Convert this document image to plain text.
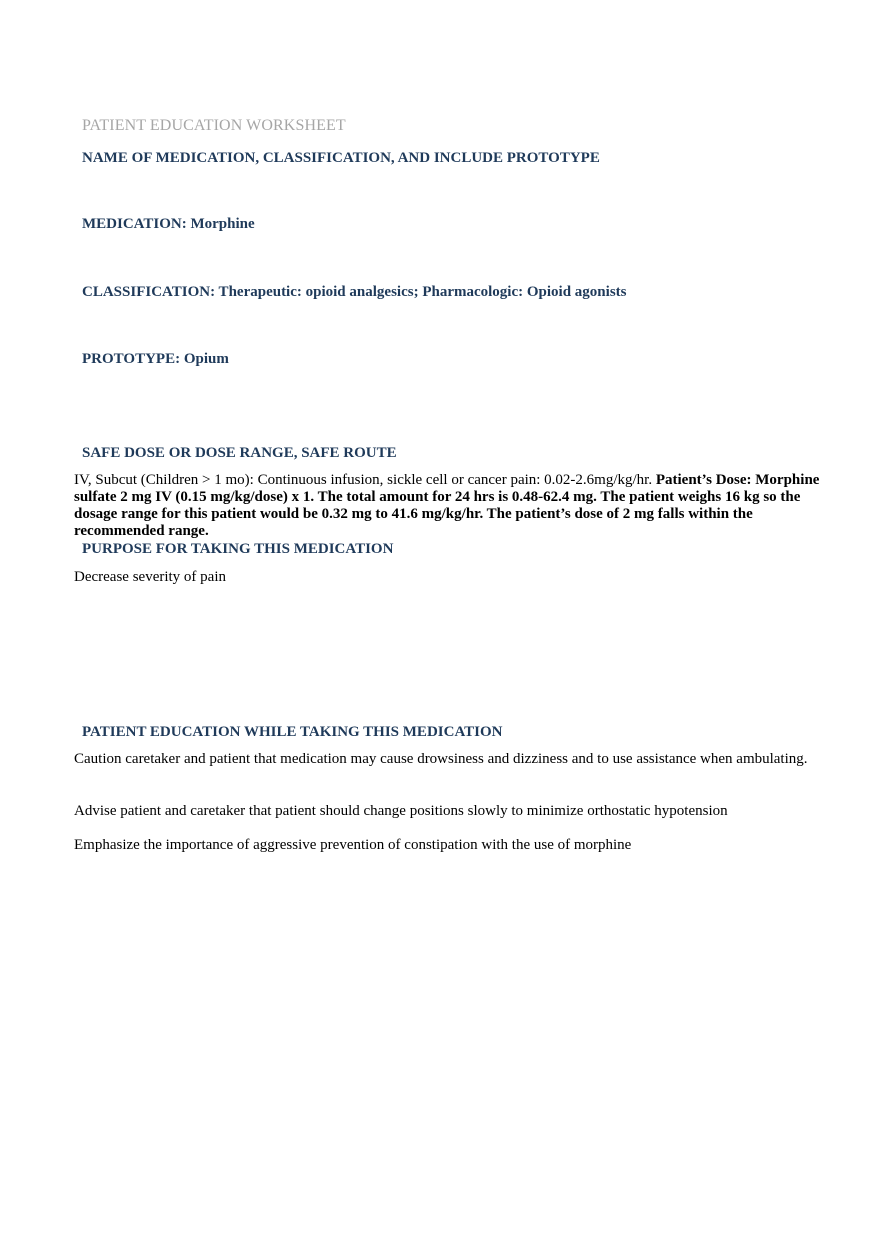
PATIENT EDUCATION WORKSHEET
NAME OF MEDICATION, CLASSIFICATION, AND INCLUDE PROTOTYPE

MEDICATION: Morphine

CLASSIFICATION: Therapeutic: opioid analgesics; Pharmacologic: Opioid agonists

PROTOTYPE: Opium

SAFE DOSE OR DOSE RANGE, SAFE ROUTE

IV, Subcut (Children > 1 mo): Continuous infusion, sickle cell or cancer pain: 0.02-2.6mg/kg/hr. Patient’s Dose: Morphine sulfate 2 mg IV (0.15 mg/kg/dose) x 1. The total amount for 24 hrs is 0.48-62.4 mg. The patient weighs 16 kg so the dosage range for this patient would be 0.32 mg to 41.6 mg/kg/hr. The patient’s dose of 2 mg falls within the recommended range.

PURPOSE FOR TAKING THIS MEDICATION

Decrease severity of pain

PATIENT EDUCATION WHILE TAKING THIS MEDICATION

Caution caretaker and patient that medication may cause drowsiness and dizziness and to use assistance when ambulating.

Advise patient and caretaker that patient should change positions slowly to minimize orthostatic hypotension

Emphasize the importance of aggressive prevention of constipation with the use of morphine
